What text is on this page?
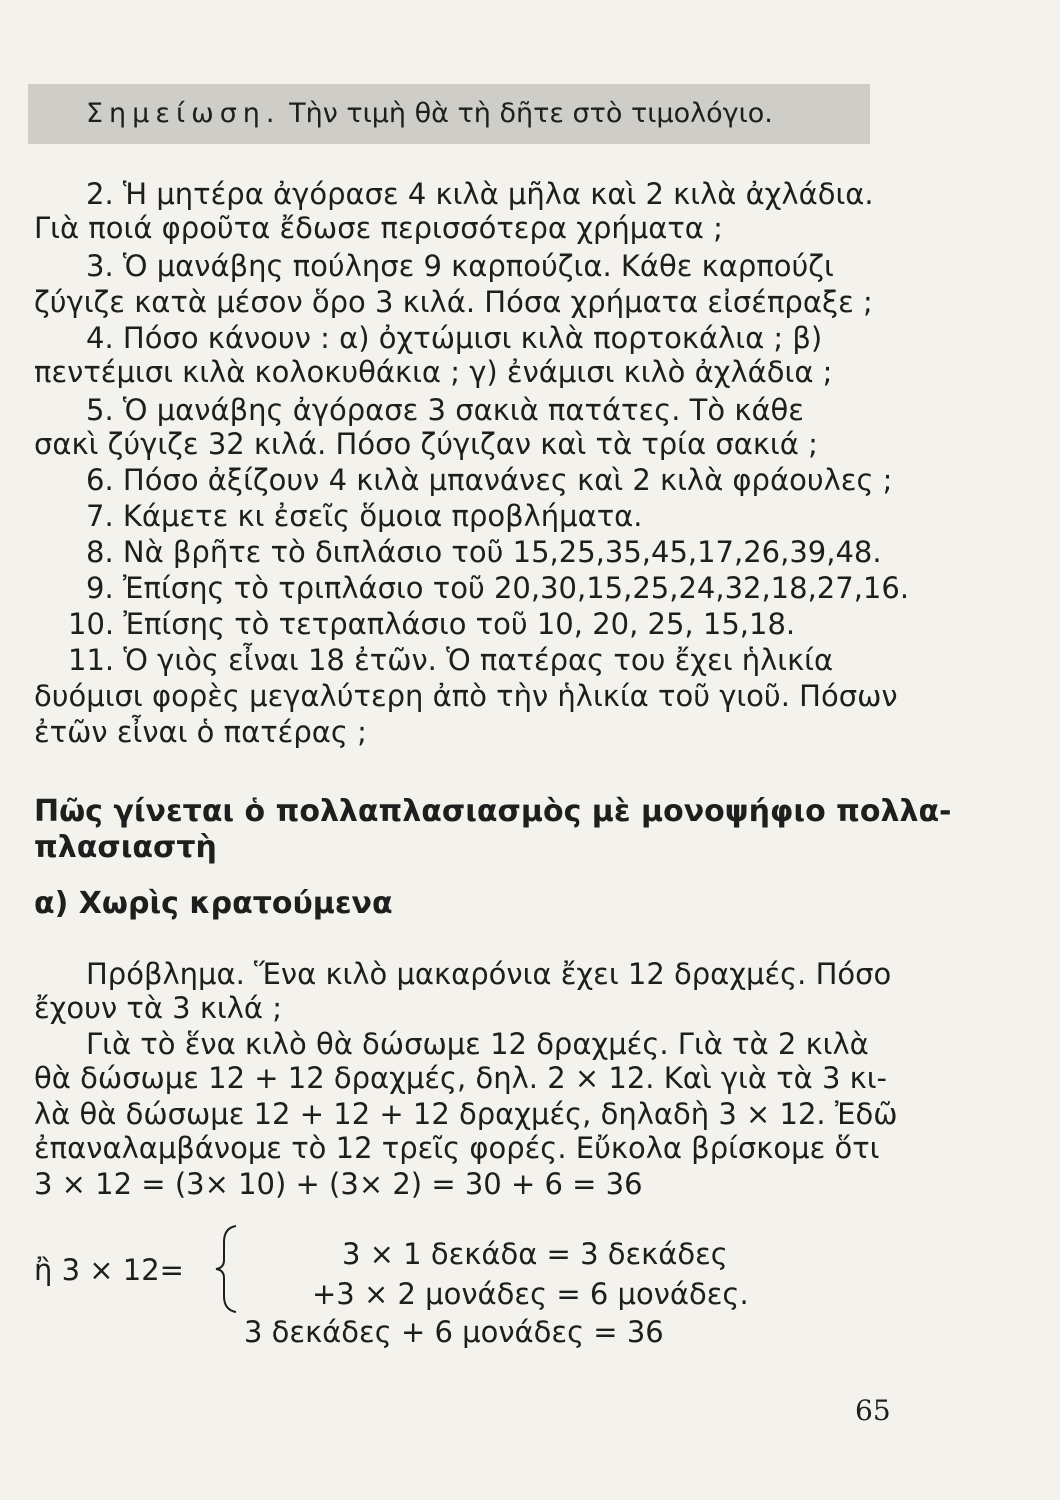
Σημείωση. Τὴν τιμὴ θὰ τὴ δῆτε στὸ τιμολόγιο.
2. Ἡ μητέρα ἀγόρασε 4 κιλὰ μῆλα καὶ 2 κιλὰ ἀχλάδια.
Γιὰ ποιά φροῦτα ἔδωσε περισσότερα χρήματα ;
3. Ὁ μανάβης πούλησε 9 καρπούζια. Κάθε καρπούζι
ζύγιζε κατὰ μέσον ὅρο 3 κιλά. Πόσα χρήματα εἰσέπραξε ;
4. Πόσο κάνουν : α) ὀχτώμισι κιλὰ πορτοκάλια ; β)
πεντέμισι κιλὰ κολοκυθάκια ; γ) ἐνάμισι κιλὸ ἀχλάδια ;
5. Ὁ μανάβης ἀγόρασε 3 σακιὰ πατάτες. Τὸ κάθε
σακὶ ζύγιζε 32 κιλά. Πόσο ζύγιζαν καὶ τὰ τρία σακιά ;
6. Πόσο ἀξίζουν 4 κιλὰ μπανάνες καὶ 2 κιλὰ φράουλες ;
7. Κάμετε κι ἐσεῖς ὅμοια προβλήματα.
8. Νὰ βρῆτε τὸ διπλάσιο τοῦ 15,25,35,45,17,26,39,48.
9. Ἐπίσης τὸ τριπλάσιο τοῦ 20,30,15,25,24,32,18,27,16.
10. Ἐπίσης τὸ τετραπλάσιο τοῦ 10, 20, 25, 15,18.
11. Ὁ γιὸς εἶναι 18 ἐτῶν. Ὁ πατέρας του ἔχει ἡλικία
δυόμισι φορὲς μεγαλύτερη ἀπὸ τὴν ἡλικία τοῦ γιοῦ. Πόσων
ἐτῶν εἶναι ὁ πατέρας ;
Πῶς γίνεται ὁ πολλαπλασιασμὸς μὲ μονοψήφιο πολλα-
πλασιαστὴ
α) Χωρὶς κρατούμενα
Πρόβλημα. Ἕνα κιλὸ μακαρόνια ἔχει 12 δραχμές. Πόσο
ἔχουν τὰ 3 κιλά ;
Γιὰ τὸ ἕνα κιλὸ θὰ δώσωμε 12 δραχμές. Γιὰ τὰ 2 κιλὰ
θὰ δώσωμε 12 + 12 δραχμές, δηλ. 2 × 12. Καὶ γιὰ τὰ 3 κι-
λὰ θὰ δώσωμε 12 + 12 + 12 δραχμές, δηλαδὴ 3 × 12. Ἐδῶ
ἐπαναλαμβάνομε τὸ 12 τρεῖς φορές. Εὔκολα βρίσκομε ὅτι
3 × 12 = (3× 10) + (3× 2) = 30 + 6 = 36
ἢ 3 × 12=	3 × 1 δεκάδα = 3 δεκάδες
+3 × 2 μονάδες = 6 μονάδες.
3 δεκάδες + 6 μονάδες = 36
65
